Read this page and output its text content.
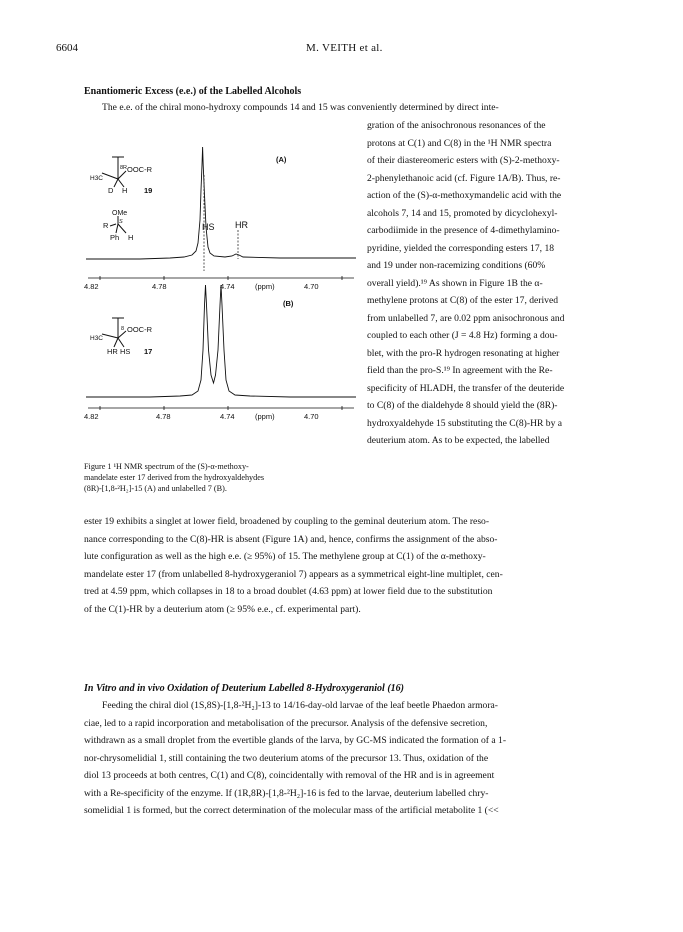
6604	M. VEITH et al.
Enantiomeric Excess (e.e.) of the Labelled Alcohols
The e.e. of the chiral mono-hydroxy compounds 14 and 15 was conveniently determined by direct inte-
gration of the anisochronous resonances of the
protons at C(1) and C(8) in the ¹H NMR spectra
of their diastereomeric esters with (S)-2-methoxy-
2-phenylethanoic acid (cf. Figure 1A/B). Thus, re-
action of the (S)-α-methoxymandelic acid with the
alcohols 7, 14 and 15, promoted by dicyclohexyl-
carbodiimide in the presence of 4-dimethylamino-
pyridine, yielded the corresponding esters 17, 18
and 19 under non-racemizing conditions (60%
overall yield).¹⁹ As shown in Figure 1B the α-
methylene protons at C(8) of the ester 17, derived
from unlabelled 7, are 0.02 ppm anisochronous and
coupled to each other (J = 4.8 Hz) forming a dou-
blet, with the pro-R hydrogen resonating at higher
field than the pro-S.¹⁹ In agreement with the Re-
specificity of HLADH, the transfer of the deuteride
to C(8) of the dialdehyde 8 should yield the (8R)-
hydroxyaldehyde 15 substituting the C(8)-HR by a
deuterium atom. As to be expected, the labelled
(A)
8R OOC-R
H3C
D H 19
OMe
R S
Ph H
HS HR
4.82	4.78	4.74	(ppm)	4.70
(B)
8 OOC-R
H3C
HR HS 17
4.82	4.78	4.74	(ppm)	4.70
Figure 1 ¹H NMR spectrum of the (S)-α-methoxy-
mandelate ester 17 derived from the hydroxyaldehydes
(8R)-[1,8-²H₂]-15 (A) and unlabelled 7 (B).
ester 19 exhibits a singlet at lower field, broadened by coupling to the geminal deuterium atom. The reso-
nance corresponding to the C(8)-HR is absent (Figure 1A) and, hence, confirms the assignment of the abso-
lute configuration as well as the high e.e. (≥ 95%) of 15. The methylene group at C(1) of the α-methoxy-
mandelate ester 17 (from unlabelled 8-hydroxygeraniol 7) appears as a symmetrical eight-line multiplet, cen-
tred at 4.59 ppm, which collapses in 18 to a broad doublet (4.63 ppm) at lower field due to the substitution
of the C(1)-HR by a deuterium atom (≥ 95% e.e., cf. experimental part).
In Vitro and in vivo Oxidation of Deuterium Labelled 8-Hydroxygeraniol (16)
Feeding the chiral diol (1S,8S)-[1,8-²H₂]-13 to 14/16-day-old larvae of the leaf beetle Phaedon armora-
ciae, led to a rapid incorporation and metabolisation of the precursor. Analysis of the defensive secretion,
withdrawn as a small droplet from the evertible glands of the larva, by GC-MS indicated the formation of a 1-
nor-chrysomelidial 1, still containing the two deuterium atoms of the precursor 13. Thus, oxidation of the
diol 13 proceeds at both centres, C(1) and C(8), coincidentally with removal of the HR and is in agreement
with a Re-specificity of the enzyme. If (1R,8R)-[1,8-²H₂]-16 is fed to the larvae, deuterium labelled chry-
somelidial 1 is formed, but the correct determination of the molecular mass of the artificial metabolite 1 (<<
